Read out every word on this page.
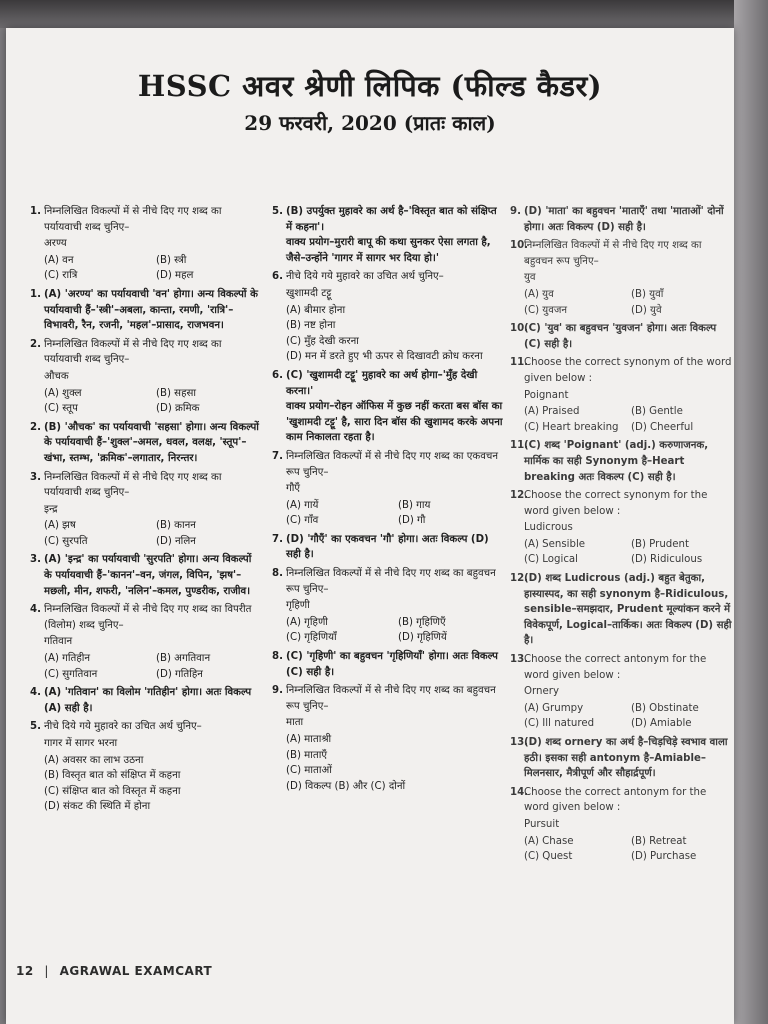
HSSC अवर श्रेणी लिपिक (फील्ड कैडर)
29 फरवरी, 2020 (प्रातः काल)
1. निम्नलिखित विकल्पों में से नीचे दिए गए शब्द का पर्यायवाची शब्द चुनिए–
अरण्य
(A) वन	(B) स्त्री
(C) रात्रि	(D) महल
1. (A) 'अरण्य' का पर्यायवाची 'वन' होगा। अन्य विकल्पों के पर्यायवाची हैं–'स्त्री'–अबला, कान्ता, रमणी, 'रात्रि'–विभावरी, रैन, रजनी, 'महल'–प्रासाद, राजभवन।
2. निम्नलिखित विकल्पों में से नीचे दिए गए शब्द का पर्यायवाची शब्द चुनिए–
औचक
(A) शुक्ल	(B) सहसा
(C) स्तूप	(D) क्रमिक
2. (B) 'औचक' का पर्यायवाची 'सहसा' होगा। अन्य विकल्पों के पर्यायवाची हैं–'शुक्ल'–अमल, धवल, वलक्ष, 'स्तूप'–खंभा, स्तम्भ, 'क्रमिक'–लगातार, निरन्तर।
3. निम्नलिखित विकल्पों में से नीचे दिए गए शब्द का पर्यायवाची शब्द चुनिए–
इन्द्र
(A) झष	(B) कानन
(C) सुरपति	(D) नलिन
3. (A) 'इन्द्र' का पर्यायवाची 'सुरपति' होगा। अन्य विकल्पों के पर्यायवाची हैं–'कानन'–वन, जंगल, विपिन, 'झष'–मछली, मीन, शफरी, 'नलिन'–कमल, पुण्डरीक, राजीव।
4. निम्नलिखित विकल्पों में से नीचे दिए गए शब्द का विपरीत (विलोम) शब्द चुनिए–
गतिवान
(A) गतिहीन	(B) अगतिवान
(C) सुगतिवान	(D) गतिहिन
4. (A) 'गतिवान' का विलोम 'गतिहीन' होगा। अतः विकल्प (A) सही है।
5. नीचे दिये गये मुहावरे का उचित अर्थ चुनिए–
गागर में सागर भरना
(A) अवसर का लाभ उठना
(B) विस्तृत बात को संक्षिप्त में कहना
(C) संक्षिप्त बात को विस्तृत में कहना
(D) संकट की स्थिति में होना
5. (B) उपर्युक्त मुहावरे का अर्थ है–'विस्तृत बात को संक्षिप्त में कहना'।
वाक्य प्रयोग–मुरारी बापू की कथा सुनकर ऐसा लगता है, जैसे–उन्होंने 'गागर में सागर भर दिया हो।'
6. नीचे दिये गये मुहावरे का उचित अर्थ चुनिए–
खुशामदी टट्टू
(A) बीमार होना
(B) नष्ट होना
(C) मुँह देखी करना
(D) मन में डरते हुए भी ऊपर से दिखावटी क्रोध करना
6. (C) 'खुशामदी टट्टू' मुहावरे का अर्थ होगा–'मुँह देखी करना।'
वाक्य प्रयोग–रोहन ऑफिस में कुछ नहीं करता बस बॉस का 'खुशामदी टट्टू' है, सारा दिन बॉस की खुशामद करके अपना काम निकालता रहता है।
7. निम्नलिखित विकल्पों में से नीचे दिए गए शब्द का एकवचन रूप चुनिए–
गौएँ
(A) गायें	(B) गाय
(C) गाँव	(D) गौ
7. (D) 'गौएँ' का एकवचन 'गौ' होगा। अतः विकल्प (D) सही है।
8. निम्नलिखित विकल्पों में से नीचे दिए गए शब्द का बहुवचन रूप चुनिए–
गृहिणी
(A) गृहिणी	(B) गृहिणिएँ
(C) गृहिणियाँ	(D) गृहिणियें
8. (C) 'गृहिणी' का बहुवचन 'गृहिणियाँ' होगा। अतः विकल्प (C) सही है।
9. निम्नलिखित विकल्पों में से नीचे दिए गए शब्द का बहुवचन रूप चुनिए–
माता
(A) माताश्री
(B) माताएँ
(C) माताओं
(D) विकल्प (B) और (C) दोनों
9. (D) 'माता' का बहुवचन 'माताएँ' तथा 'माताओं' दोनों होगा। अतः विकल्प (D) सही है।
10.
निम्नलिखित विकल्पों में से नीचे दिए गए शब्द का बहुवचन रूप चुनिए–
युव
(A) युव	(B) युवाँ
(C) युवजन	(D) युवे
10.
(C) 'युव' का बहुवचन 'युवजन' होगा। अतः विकल्प (C) सही है।
11.
Choose the correct synonym of the word given below :
Poignant
(A) Praised	(B) Gentle
(C) Heart breaking	(D) Cheerful
11.
(C) शब्द 'Poignant' (adj.) करुणाजनक, मार्मिक का सही Synonym है–Heart breaking अतः विकल्प (C) सही है।
12.
Choose the correct synonym for the word given below :
Ludicrous
(A) Sensible	(B) Prudent
(C) Logical	(D) Ridiculous
12.
(D) शब्द Ludicrous (adj.) बहुत बेतुका, हास्यास्पद, का सही synonym है–Ridiculous, sensible–समझदार, Prudent मूल्यांकन करने में विवेकपूर्ण, Logical–तार्किक। अतः विकल्प (D) सही है।
13.
Choose the correct antonym for the word given below :
Ornery
(A) Grumpy	(B) Obstinate
(C) Ill natured	(D) Amiable
13.
(D) शब्द ornery का अर्थ है–चिड़चिड़े स्वभाव वाला हठी। इसका सही antonym है–Amiable–मिलनसार, मैत्रीपूर्ण और सौहार्द्रपूर्ण।
14.
Choose the correct antonym for the word given below :
Pursuit
(A) Chase	(B) Retreat
(C) Quest	(D) Purchase
12 | AGRAWAL EXAMCART
